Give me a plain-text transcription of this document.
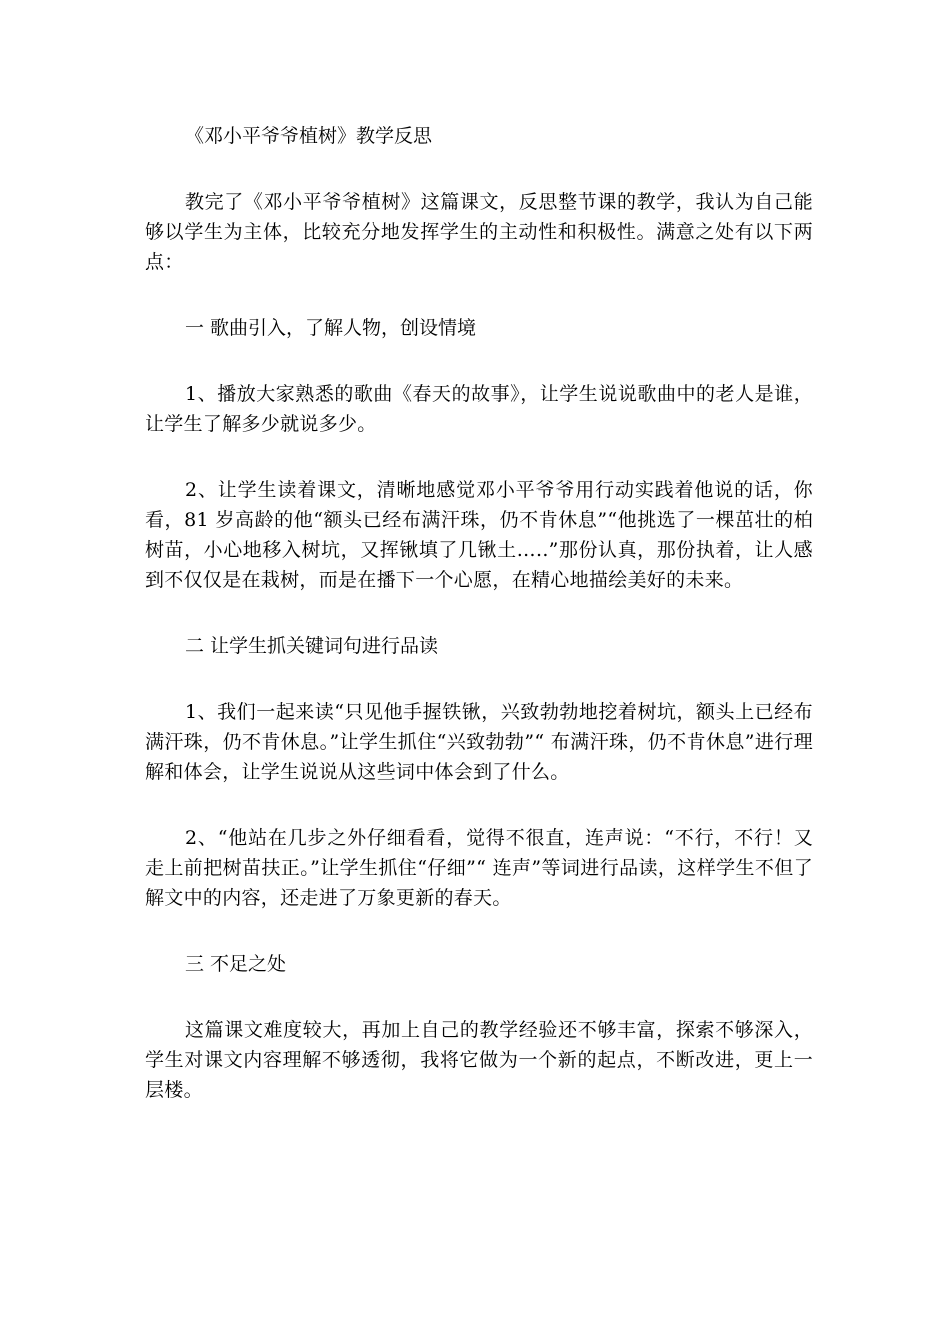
《邓小平爷爷植树》教学反思

教完了《邓小平爷爷植树》这篇课文，反思整节课的教学，我认为自己能够以学生为主体，比较充分地发挥学生的主动性和积极性。满意之处有以下两点：

一 歌曲引入，了解人物，创设情境

1、播放大家熟悉的歌曲《春天的故事》，让学生说说歌曲中的老人是谁，让学生了解多少就说多少。

2、让学生读着课文，清晰地感觉邓小平爷爷用行动实践着他说的话，你看，81 岁高龄的他“额头已经布满汗珠，仍不肯休息”“他挑选了一棵茁壮的柏树苗，小心地移入树坑，又挥锹填了几锹土…..”那份认真，那份执着，让人感到不仅仅是在栽树，而是在播下一个心愿，在精心地描绘美好的未来。

二 让学生抓关键词句进行品读

1、我们一起来读“只见他手握铁锹，兴致勃勃地挖着树坑，额头上已经布满汗珠，仍不肯休息。”让学生抓住“兴致勃勃”“ 布满汗珠，仍不肯休息”进行理解和体会，让学生说说从这些词中体会到了什么。

2、“他站在几步之外仔细看看，觉得不很直，连声说：“不行，不行！又走上前把树苗扶正。”让学生抓住“仔细”“ 连声”等词进行品读，这样学生不但了解文中的内容，还走进了万象更新的春天。

三 不足之处

这篇课文难度较大，再加上自己的教学经验还不够丰富，探索不够深入，学生对课文内容理解不够透彻，我将它做为一个新的起点，不断改进，更上一层楼。
